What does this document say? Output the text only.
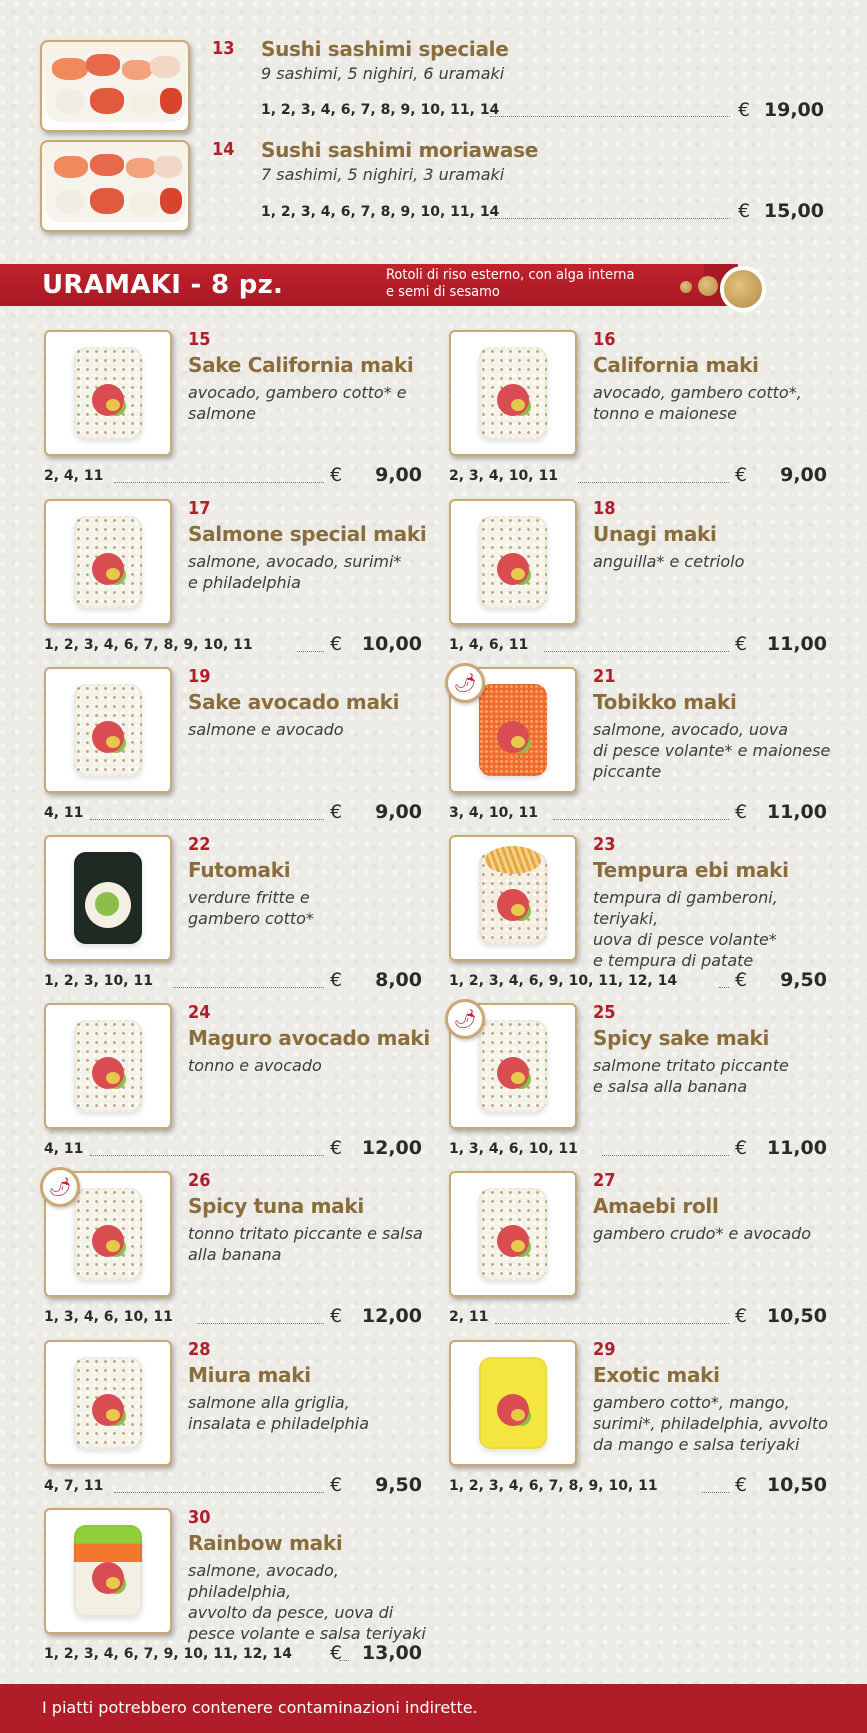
13 Sushi sashimi speciale
9 sashimi, 5 nighiri, 6 uramaki
1, 2, 3, 4, 6, 7, 8, 9, 10, 11, 14	€ 19,00
14 Sushi sashimi moriawase
7 sashimi, 5 nighiri, 3 uramaki
1, 2, 3, 4, 6, 7, 8, 9, 10, 11, 14	€ 15,00
URAMAKI - 8 pz.	Rotoli di riso esterno, con alga interna
e semi di sesamo
15
Sake California maki
avocado, gambero cotto* e
salmone
2, 4, 11	€	9,00
16
California maki
avocado, gambero cotto*,
tonno e maionese
2, 3, 4, 10, 11	€	9,00
17
Salmone special maki
salmone, avocado, surimi*
e philadelphia
1, 2, 3, 4, 6, 7, 8, 9, 10, 11	€	10,00
18
Unagi maki
anguilla* e cetriolo
1, 4, 6, 11	€	11,00
19
Sake avocado maki
salmone e avocado
4, 11	€	9,00
🌶	21
Tobikko maki
salmone, avocado, uova
di pesce volante* e maionese
piccante
3, 4, 10, 11	€	11,00
22
Futomaki
verdure fritte e
gambero cotto*
1, 2, 3, 10, 11	€	8,00
23
Tempura ebi maki
tempura di gamberoni, teriyaki,
uova di pesce volante*
e tempura di patate
1, 2, 3, 4, 6, 9, 10, 11, 12, 14	€	9,50
24
Maguro avocado maki
tonno e avocado
4, 11	€	12,00
🌶	25
Spicy sake maki
salmone tritato piccante
e salsa alla banana
1, 3, 4, 6, 10, 11	€	11,00
🌶	26
Spicy tuna maki
tonno tritato piccante e salsa
alla banana
1, 3, 4, 6, 10, 11	€	12,00
27
Amaebi roll
gambero crudo* e avocado
2, 11	€	10,50
28
Miura maki
salmone alla griglia,
insalata e philadelphia
4, 7, 11	€	9,50
29
Exotic maki
gambero cotto*, mango,
surimi*, philadelphia, avvolto
da mango e salsa teriyaki
1, 2, 3, 4, 6, 7, 8, 9, 10, 11	€	10,50
30
Rainbow maki
salmone, avocado, philadelphia,
avvolto da pesce, uova di
pesce volante e salsa teriyaki
1, 2, 3, 4, 6, 7, 9, 10, 11, 12, 14 €	13,00
I piatti potrebbero contenere contaminazioni indirette.
